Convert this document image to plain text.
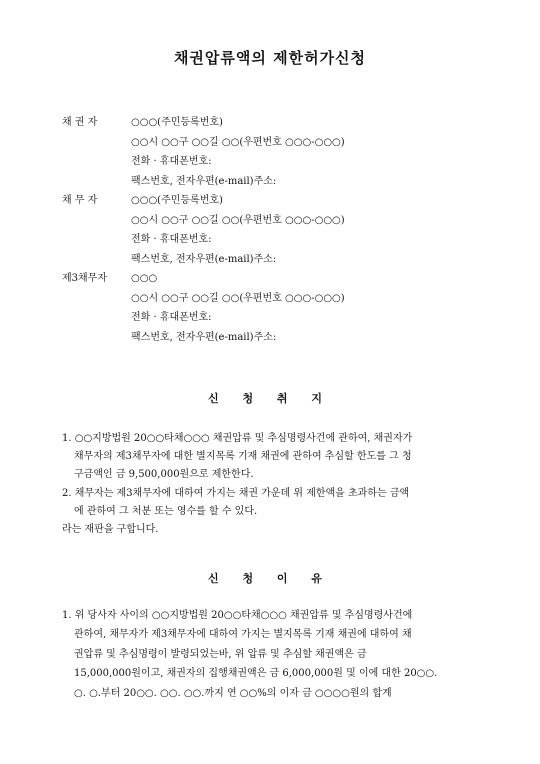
채권압류액의 제한허가신청
채 권 자	○○○(주민등록번호)
○○시 ○○구 ○○길 ○○(우편번호 ○○○-○○○)
전화 · 휴대폰번호:
팩스번호, 전자우편(e-mail)주소:
채 무 자	○○○(주민등록번호)
○○시 ○○구 ○○길 ○○(우편번호 ○○○-○○○)
전화 · 휴대폰번호:
팩스번호, 전자우편(e-mail)주소:
제3채무자 ○○○
○○시 ○○구 ○○길 ○○(우편번호 ○○○-○○○)
전화 · 휴대폰번호:
팩스번호, 전자우편(e-mail)주소:
신 청 취 지
1. ○○지방법원 20○○타채○○○ 채권압류 및 추심명령사건에 관하여, 채권자가
채무자의 제3채무자에 대한 별지목록 기재 채권에 관하여 추심할 한도를 그 청
구금액인 금 9,500,000원으로 제한한다.
2. 채무자는 제3채무자에 대하여 가지는 채권 가운데 위 제한액을 초과하는 금액
에 관하여 그 처분 또는 영수를 할 수 있다.
라는 재판을 구합니다.
신 청 이 유
1. 위 당사자 사이의 ○○지방법원 20○○타채○○○ 채권압류 및 추심명령사건에
관하여, 채무자가 제3채무자에 대하여 가지는 별지목록 기재 채권에 대하여 채
권압류 및 추심명령이 발령되었는바, 위 압류 및 추심할 채권액은 금
15,000,000원이고, 채권자의 집행채권액은 금 6,000,000원 및 이에 대한 20○○.
○. ○.부터 20○○. ○○. ○○.까지 연 ○○%의 이자 금 ○○○○원의 합계
